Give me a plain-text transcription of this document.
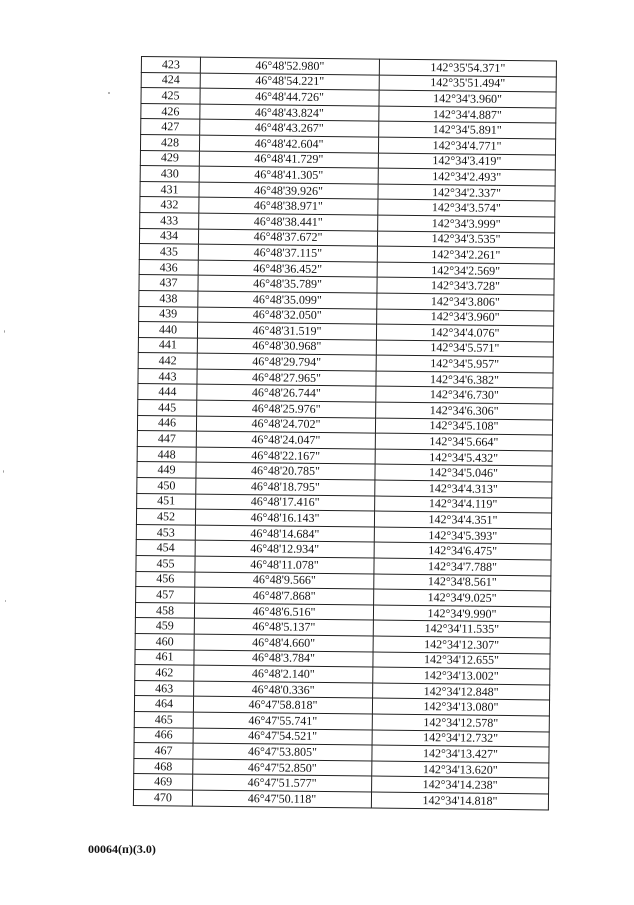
423	46°48'52.980"	142°35'54.371"
424	46°48'54.221"	142°35'51.494"
425	46°48'44.726"	142°34'3.960"
426	46°48'43.824"	142°34'4.887"
427	46°48'43.267"	142°34'5.891"
428	46°48'42.604"	142°34'4.771"
429	46°48'41.729"	142°34'3.419"
430	46°48'41.305"	142°34'2.493"
431	46°48'39.926"	142°34'2.337"
432	46°48'38.971"	142°34'3.574"
433	46°48'38.441"	142°34'3.999"
434	46°48'37.672"	142°34'3.535"
435	46°48'37.115"	142°34'2.261"
436	46°48'36.452"	142°34'2.569"
437	46°48'35.789"	142°34'3.728"
438	46°48'35.099"	142°34'3.806"
439	46°48'32.050"	142°34'3.960"
440	46°48'31.519"	142°34'4.076"
441	46°48'30.968"	142°34'5.571"
442	46°48'29.794"	142°34'5.957"
443	46°48'27.965"	142°34'6.382"
444	46°48'26.744"	142°34'6.730"
445	46°48'25.976"	142°34'6.306"
446	46°48'24.702"	142°34'5.108"
447	46°48'24.047"	142°34'5.664"
448	46°48'22.167"	142°34'5.432"
449	46°48'20.785"	142°34'5.046"
450	46°48'18.795"	142°34'4.313"
451	46°48'17.416"	142°34'4.119"
452	46°48'16.143"	142°34'4.351"
453	46°48'14.684"	142°34'5.393"
454	46°48'12.934"	142°34'6.475"
455	46°48'11.078"	142°34'7.788"
456	46°48'9.566"	142°34'8.561"
457	46°48'7.868"	142°34'9.025"
458	46°48'6.516"	142°34'9.990"
459	46°48'5.137"	142°34'11.535"
460	46°48'4.660"	142°34'12.307"
461	46°48'3.784"	142°34'12.655"
462	46°48'2.140"	142°34'13.002"
463	46°48'0.336"	142°34'12.848"
464	46°47'58.818"	142°34'13.080"
465	46°47'55.741"	142°34'12.578"
466	46°47'54.521"	142°34'12.732"
467	46°47'53.805"	142°34'13.427"
468	46°47'52.850"	142°34'13.620"
469	46°47'51.577"	142°34'14.238"
470	46°47'50.118"	142°34'14.818"
00064(п)(3.0)
